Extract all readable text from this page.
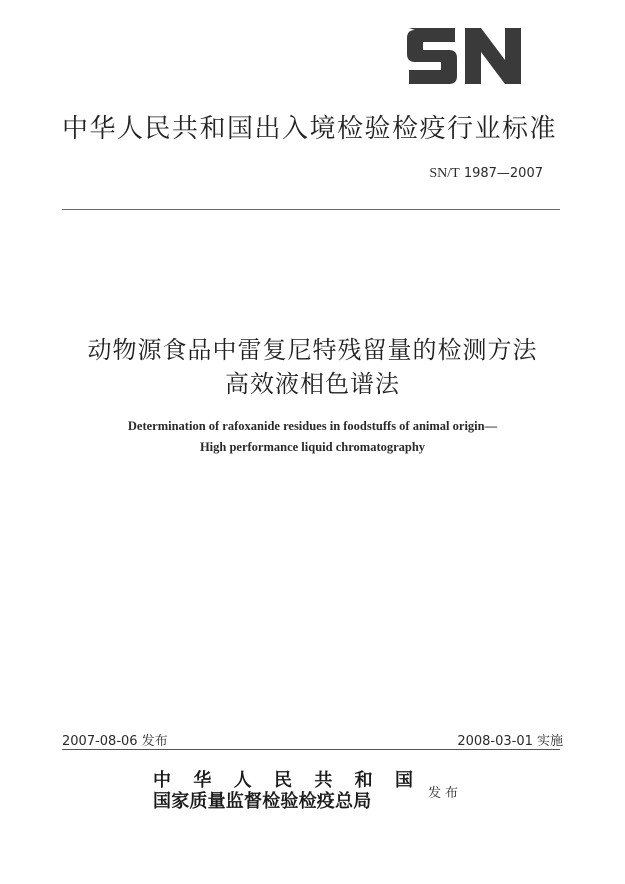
中华人民共和国出入境检验检疫行业标准
SN/T 1987—2007
动物源食品中雷复尼特残留量的检测方法
高效液相色谱法
Determination of rafoxanide residues in foodstuffs of animal origin—
High performance liquid chromatography
2007-08-06 发布	2008-03-01 实施
中 华 人 民 共 和 国
国家质量监督检验检疫总局	发布
